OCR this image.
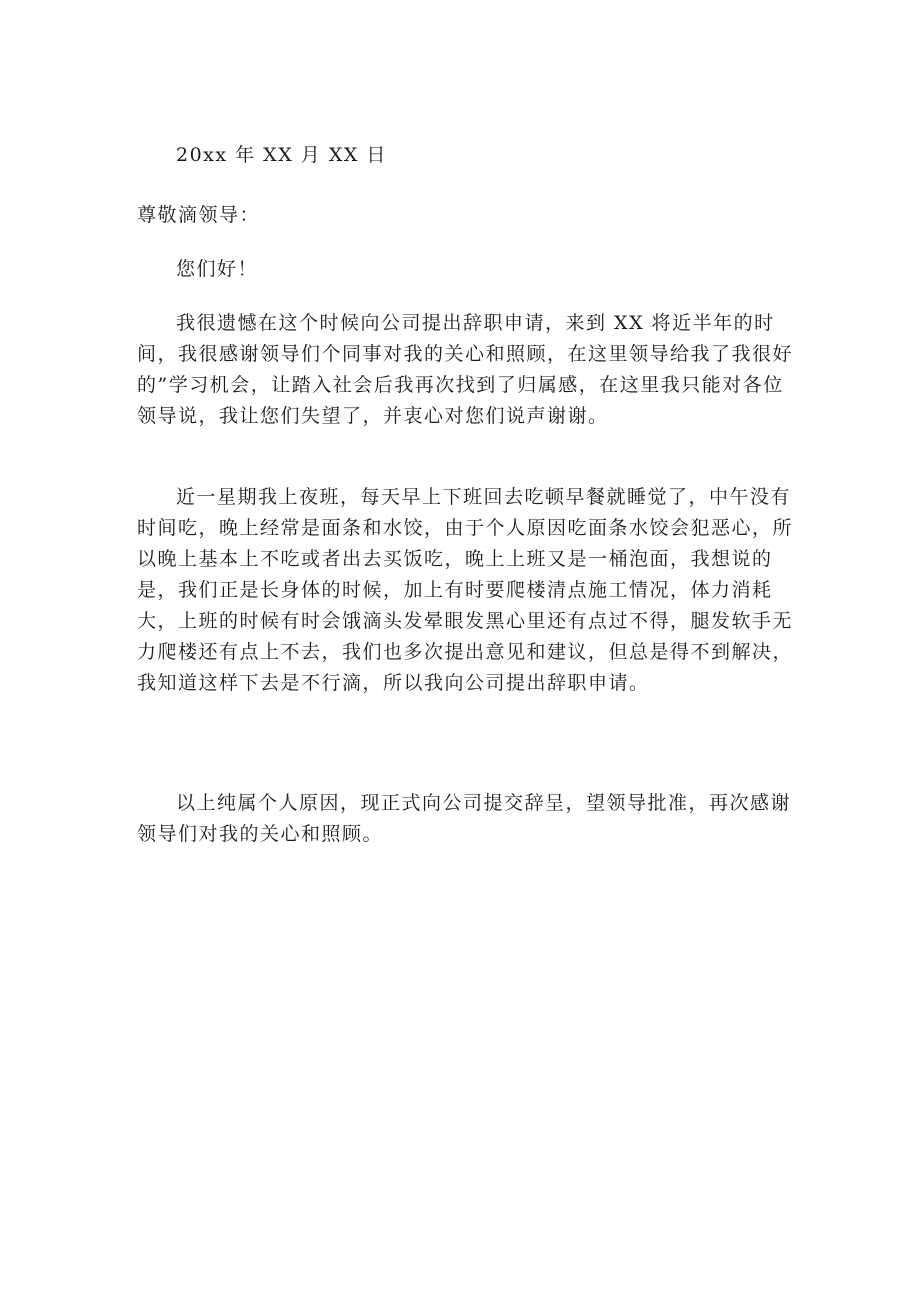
20xx 年 XX 月 XX 日

尊敬滴领导：

您们好！

我很遗憾在这个时候向公司提出辞职申请，来到 XX 将近半年的时间，我很感谢领导们个同事对我的关心和照顾，在这里领导给我了我很好的”学习机会，让踏入社会后我再次找到了归属感，在这里我只能对各位领导说，我让您们失望了，并衷心对您们说声谢谢。

近一星期我上夜班，每天早上下班回去吃顿早餐就睡觉了，中午没有时间吃，晚上经常是面条和水饺，由于个人原因吃面条水饺会犯恶心，所以晚上基本上不吃或者出去买饭吃，晚上上班又是一桶泡面，我想说的是，我们正是长身体的时候，加上有时要爬楼清点施工情况，体力消耗大，上班的时候有时会饿滴头发晕眼发黑心里还有点过不得，腿发软手无力爬楼还有点上不去，我们也多次提出意见和建议，但总是得不到解决，我知道这样下去是不行滴，所以我向公司提出辞职申请。

以上纯属个人原因，现正式向公司提交辞呈，望领导批准，再次感谢领导们对我的关心和照顾。
